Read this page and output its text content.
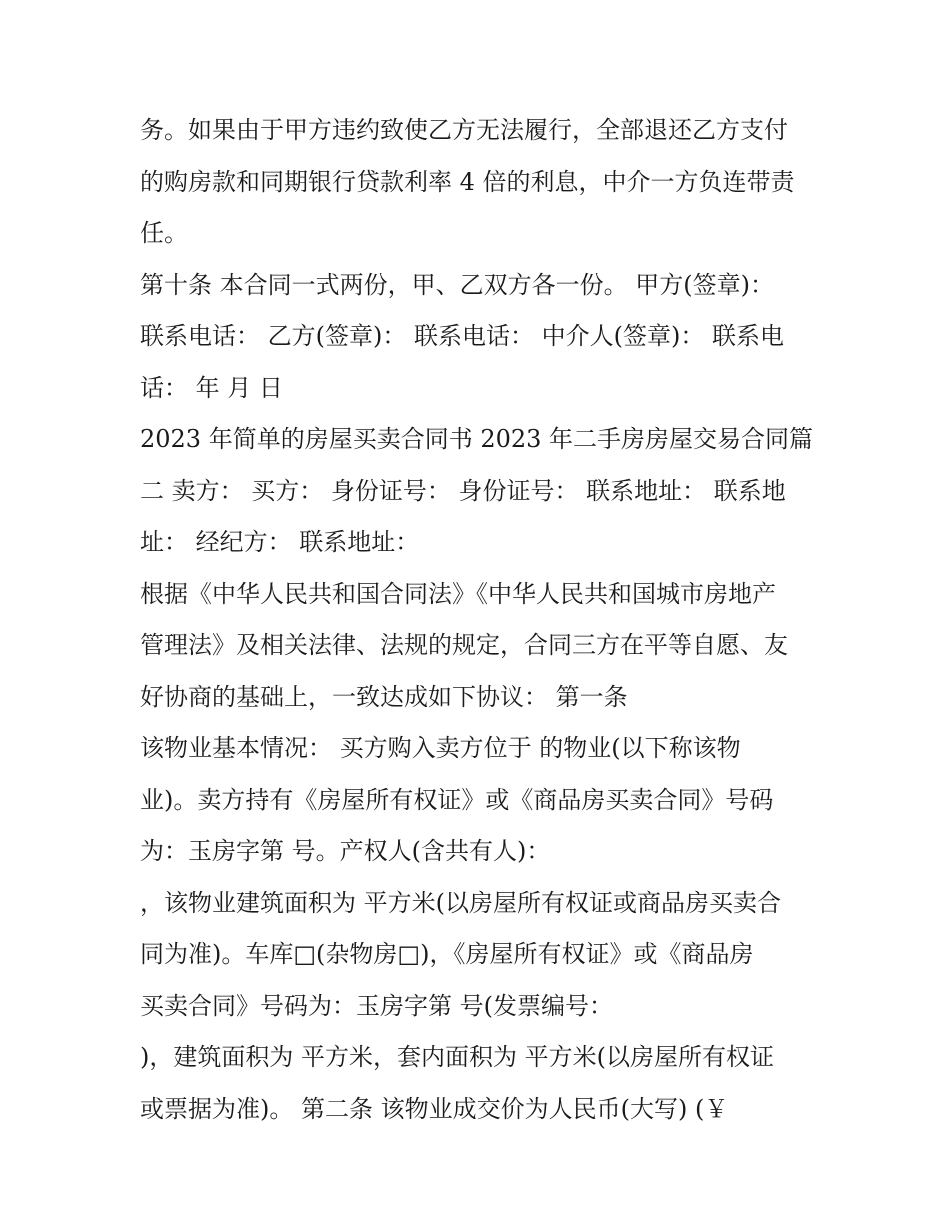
务。如果由于甲方违约致使乙方无法履行，全部退还乙方支付
的购房款和同期银行贷款利率 4 倍的利息，中介一方负连带责
任。
第十条 本合同一式两份，甲、乙双方各一份。 甲方(签章)：
联系电话： 乙方(签章)： 联系电话： 中介人(签章)： 联系电
话： 年 月 日
2023 年简单的房屋买卖合同书 2023 年二手房房屋交易合同篇
二 卖方： 买方： 身份证号： 身份证号： 联系地址： 联系地
址： 经纪方： 联系地址：
根据《中华人民共和国合同法》《中华人民共和国城市房地产
管理法》及相关法律、法规的规定，合同三方在平等自愿、友
好协商的基础上，一致达成如下协议： 第一条
该物业基本情况： 买方购入卖方位于 的物业(以下称该物
业)。卖方持有《房屋所有权证》或《商品房买卖合同》号码
为：玉房字第 号。产权人(含共有人)：
，该物业建筑面积为 平方米(以房屋所有权证或商品房买卖合
同为准)。车库□(杂物房□)，《房屋所有权证》或《商品房
买卖合同》号码为：玉房字第 号(发票编号：
)，建筑面积为 平方米，套内面积为 平方米(以房屋所有权证
或票据为准)。 第二条 该物业成交价为人民币(大写) (￥
